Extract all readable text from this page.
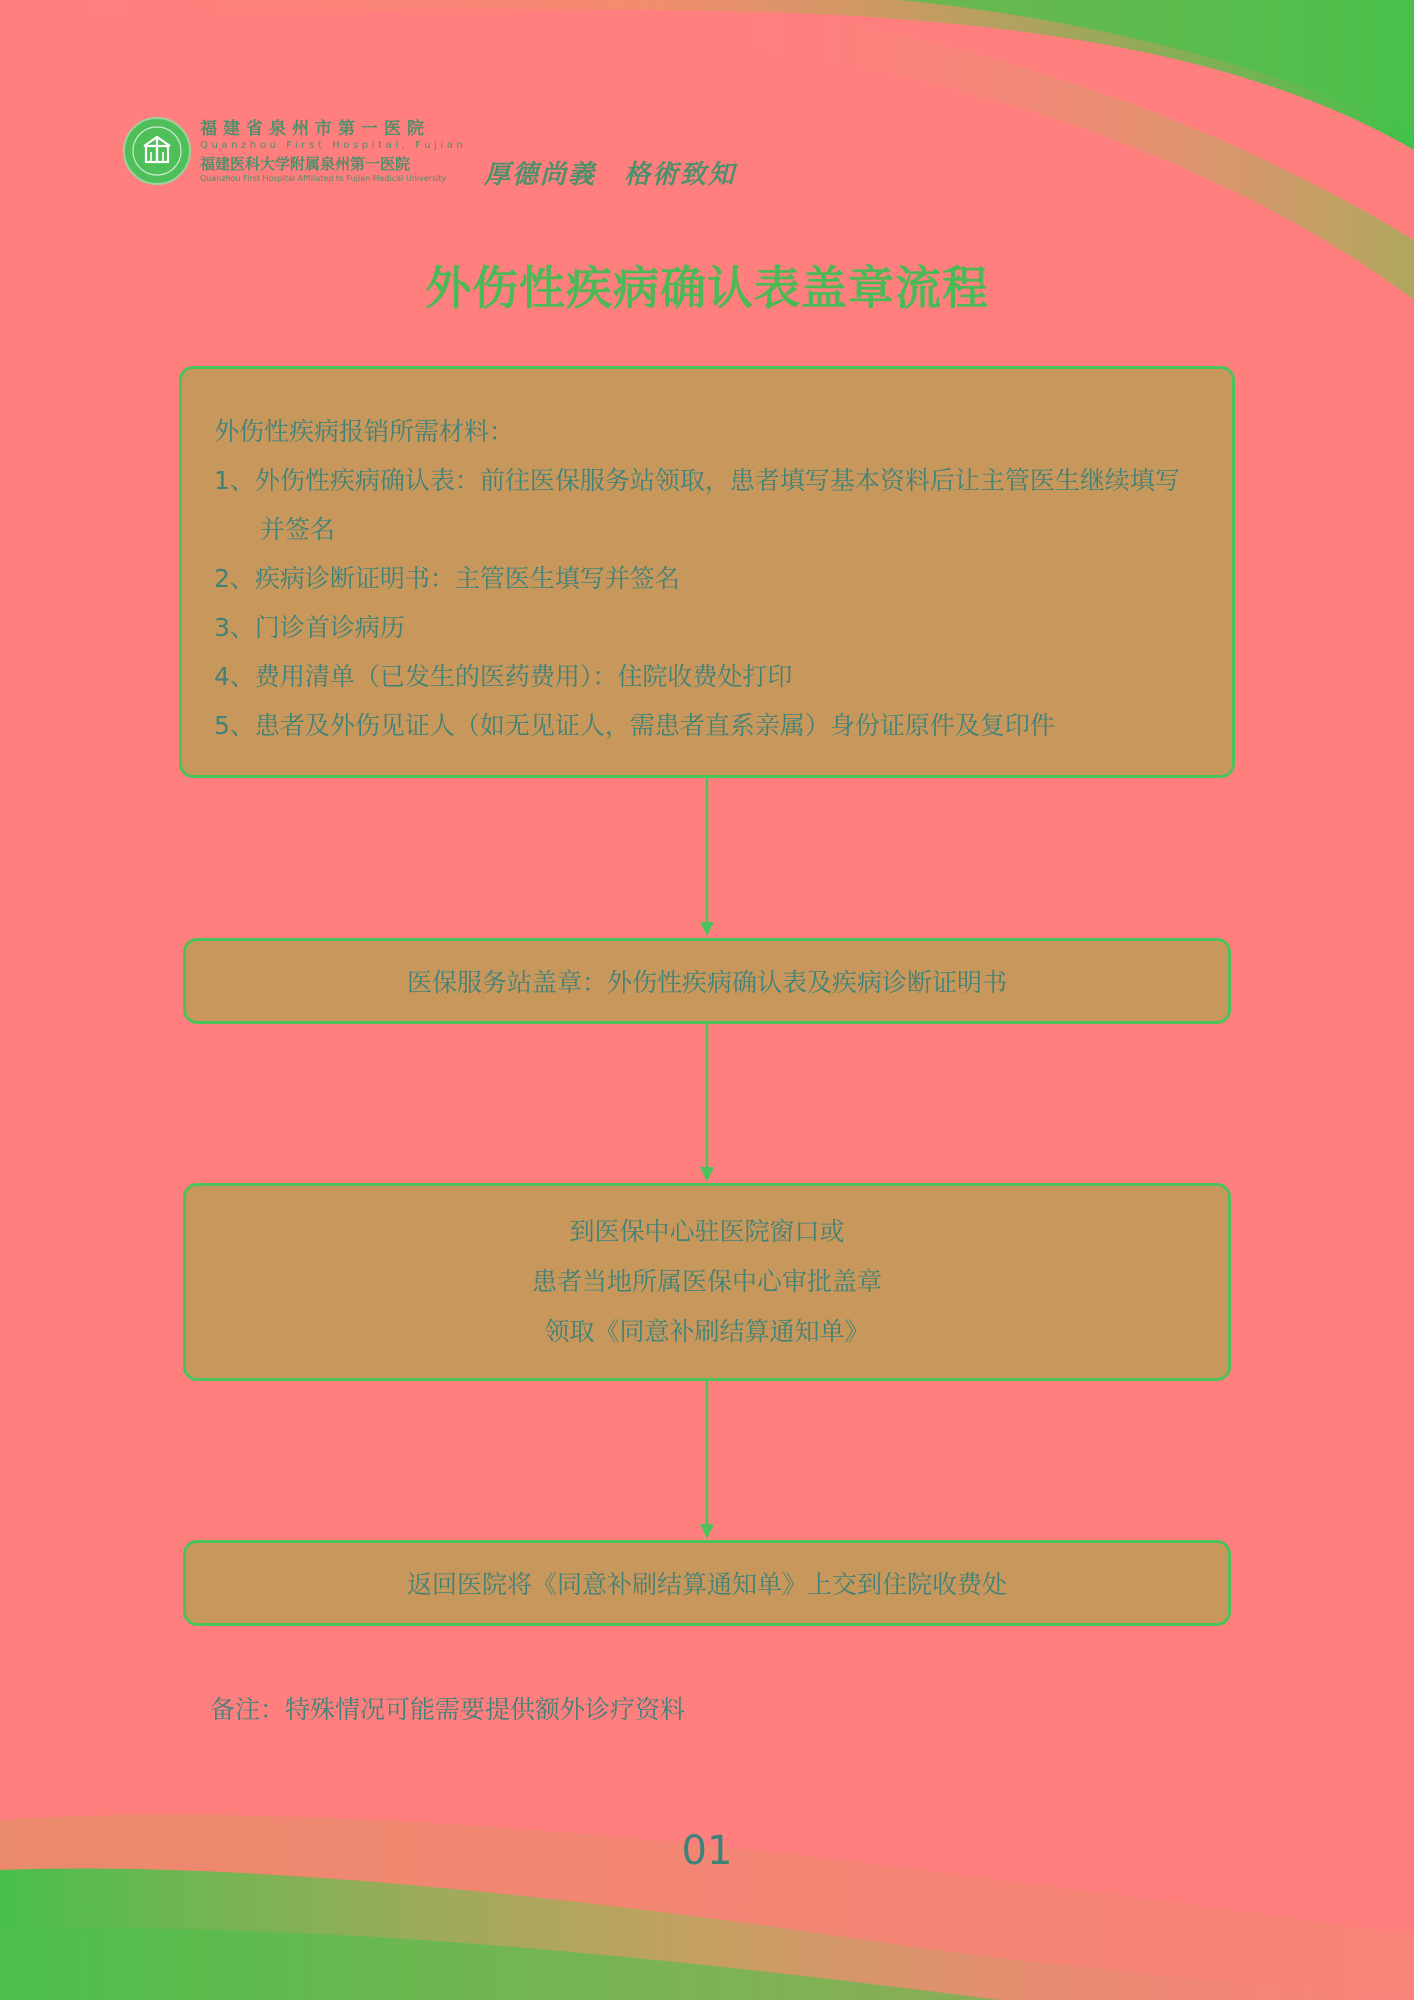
福建省泉州市第一医院
Quanzhou First Hospital, Fujian
福建医科大学附属泉州第一医院
Quanzhou First Hospital Affiliated to Fujian Medical University	厚德尚義　格術致知
外伤性疾病确认表盖章流程
外伤性疾病报销所需材料：
1、外伤性疾病确认表：前往医保服务站领取，患者填写基本资料后让主管医生继续填写并签名
2、疾病诊断证明书：主管医生填写并签名
3、门诊首诊病历
4、费用清单（已发生的医药费用）：住院收费处打印
5、患者及外伤见证人（如无见证人，需患者直系亲属）身份证原件及复印件
医保服务站盖章：外伤性疾病确认表及疾病诊断证明书
到医保中心驻医院窗口或
患者当地所属医保中心审批盖章
领取《同意补刷结算通知单》
返回医院将《同意补刷结算通知单》上交到住院收费处
备注：特殊情况可能需要提供额外诊疗资料
01
